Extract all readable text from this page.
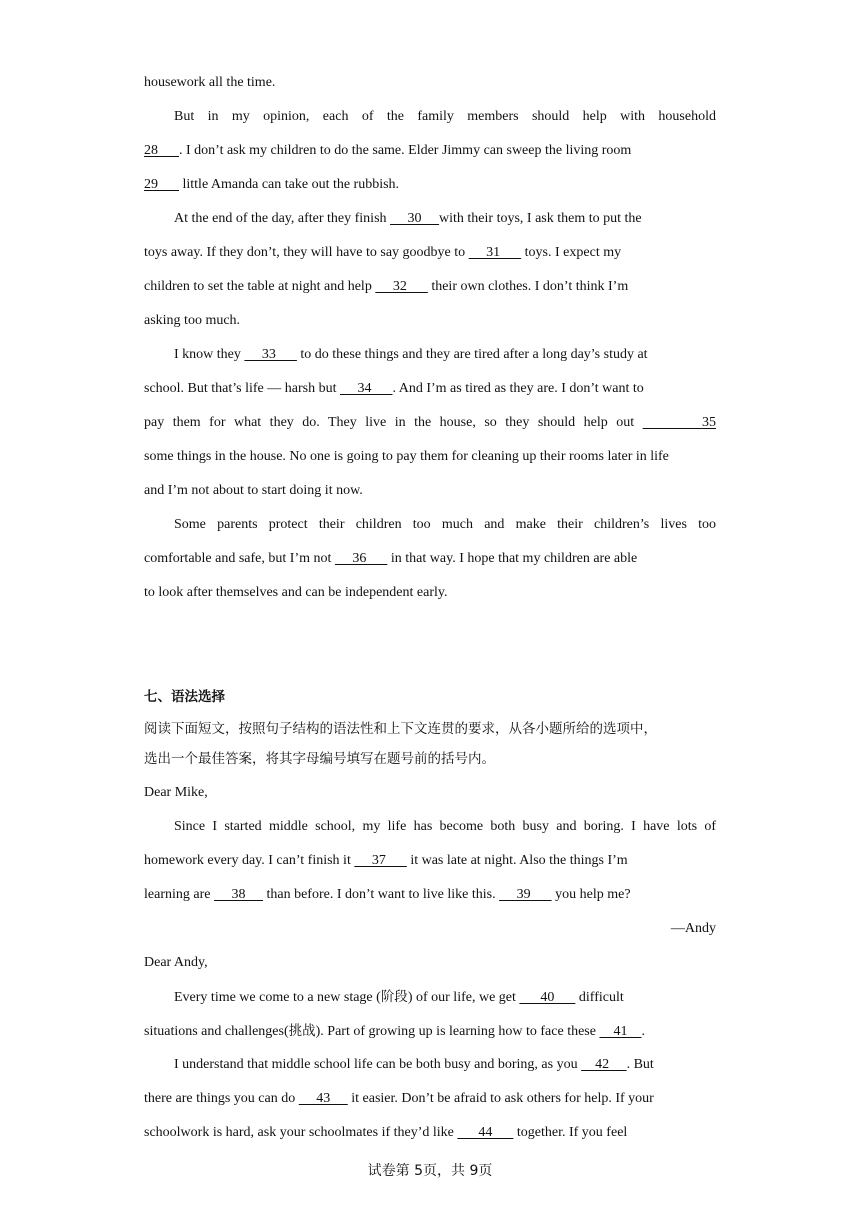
housework all the time.
But in my opinion, each of the family members should help with household
28      . I don’t ask my children to do the same. Elder Jimmy can sweep the living room
29       little Amanda can take out the rubbish.
At the end of the day, after they finish      30     with their toys, I ask them to put the
toys away. If they don’t, they will have to say goodbye to      31       toys. I expect my
children to set the table at night and help      32       their own clothes. I don’t think I’m
asking too much.
I know they      33       to do these things and they are tired after a long day’s study at
school. But that’s life — harsh but      34      . And I’m as tired as they are. I don’t want to
pay them for what they do. They live in the house, so they should help out        35
some things in the house. No one is going to pay them for cleaning up their rooms later in life
and I’m not about to start doing it now.
Some parents protect their children too much and make their children’s lives too
comfortable and safe, but I’m not      36       in that way. I hope that my children are able
to look after themselves and can be independent early.
七、语法选择
阅读下面短文，按照句子结构的语法性和上下文连贯的要求，从各小题所给的选项中，
选出一个最佳答案，将其字母编号填写在题号前的括号内。
Dear Mike,
Since I started middle school, my life has become both busy and boring. I have lots of
homework every day. I can’t finish it      37       it was late at night. Also the things I’m
learning are      38      than before. I don’t want to live like this.      39       you help me?
—Andy
Dear Andy,
Every time we come to a new stage (阶段) of our life, we get       40       difficult
situations and challenges(挑战). Part of growing up is learning how to face these     41    .
I understand that middle school life can be both busy and boring, as you     42     . But
there are things you can do      43      it easier. Don’t be afraid to ask others for help. If your
schoolwork is hard, ask your schoolmates if they’d like       44       together. If you feel
试卷第 5页，共 9页
